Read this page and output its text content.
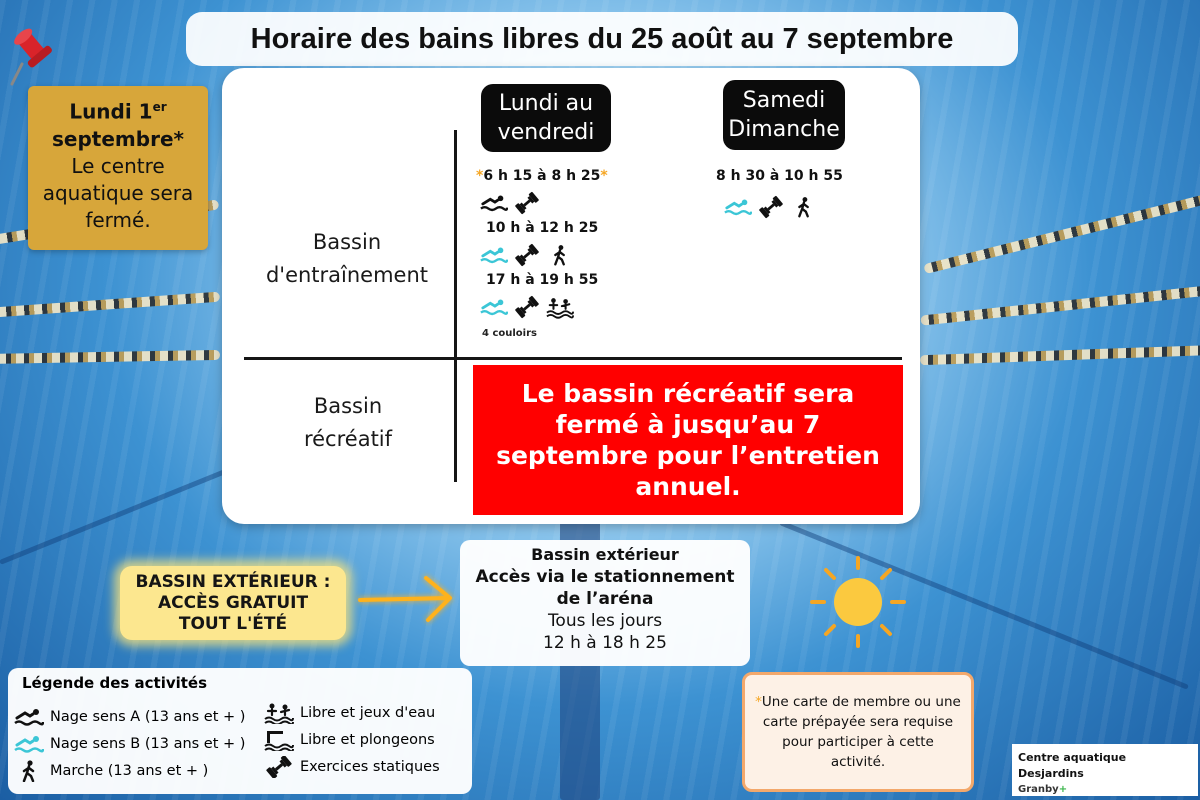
Horaire des bains libres du 25 août au 7 septembre
Lundi 1er
septembre*
Le centre aquatique sera fermé.
Lundi au
vendredi
Samedi
Dimanche
Bassin
d'entraînement
Bassin
récréatif
*6 h 15 à 8 h 25*
10 h à 12 h 25
17 h à 19 h 55
4 couloirs
8 h 30 à 10 h 55
Le bassin récréatif sera fermé à jusqu’au 7 septembre pour l’entretien annuel.
BASSIN EXTÉRIEUR :
ACCÈS GRATUIT
TOUT L'ÉTÉ
Bassin extérieur
Accès via le stationnement
de l’aréna
Tous les jours
12 h à 18 h 25
Légende des activités
Nage sens A (13 ans et + )
Nage sens B (13 ans et + )
Marche (13 ans et + )
Libre et jeux d'eau
Libre et plongeons
Exercices statiques
*Une carte de membre ou une carte prépayée sera requise pour participer à cette activité.	Centre aquatique Desjardins
Granby+
